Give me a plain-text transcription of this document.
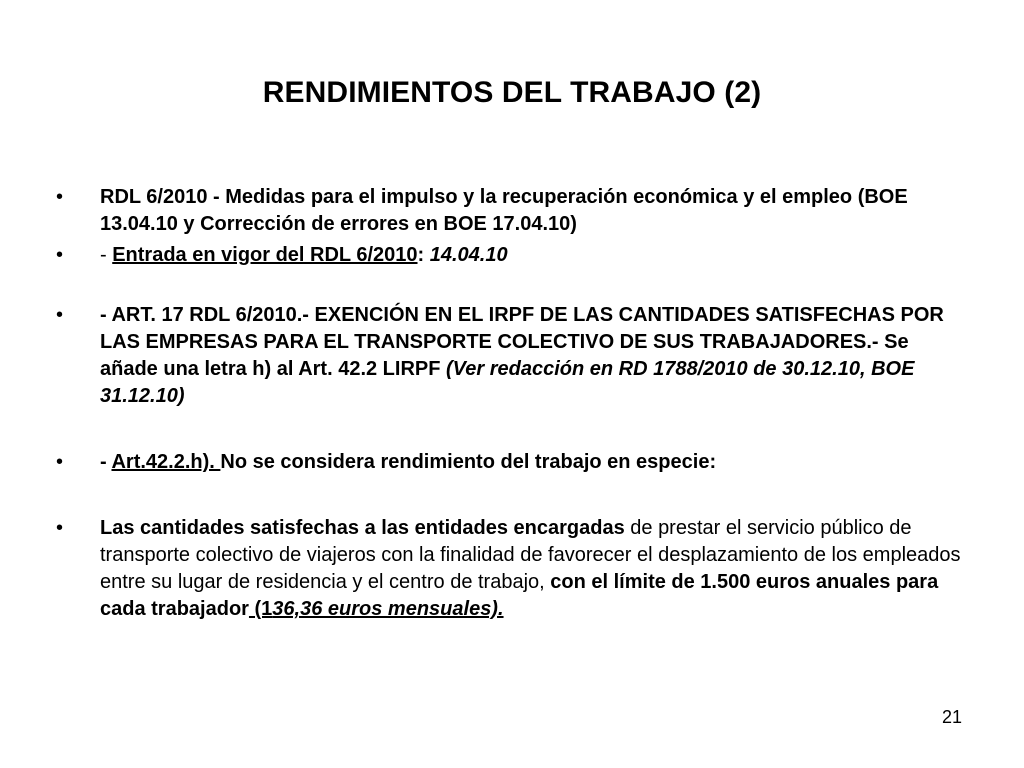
RENDIMIENTOS DEL TRABAJO (2)
•	RDL 6/2010 - Medidas para el impulso y la recuperación económica y el empleo (BOE 13.04.10 y Corrección de errores en BOE 17.04.10)
•	- Entrada en vigor del RDL 6/2010: 14.04.10
•	- ART. 17 RDL 6/2010.- EXENCIÓN EN EL IRPF DE LAS CANTIDADES SATISFECHAS POR LAS EMPRESAS PARA EL TRANSPORTE COLECTIVO DE SUS TRABAJADORES.- Se añade una letra h) al Art. 42.2 LIRPF (Ver redacción en RD 1788/2010 de 30.12.10, BOE 31.12.10)
•	- Art.42.2.h). No se considera rendimiento del trabajo en especie:
•	Las cantidades satisfechas a las entidades encargadas de prestar el servicio público de transporte colectivo de viajeros con la finalidad de favorecer el desplazamiento de los empleados entre su lugar de residencia y el centro de trabajo, con el límite de 1.500 euros anuales para cada trabajador (136,36 euros mensuales).
21
